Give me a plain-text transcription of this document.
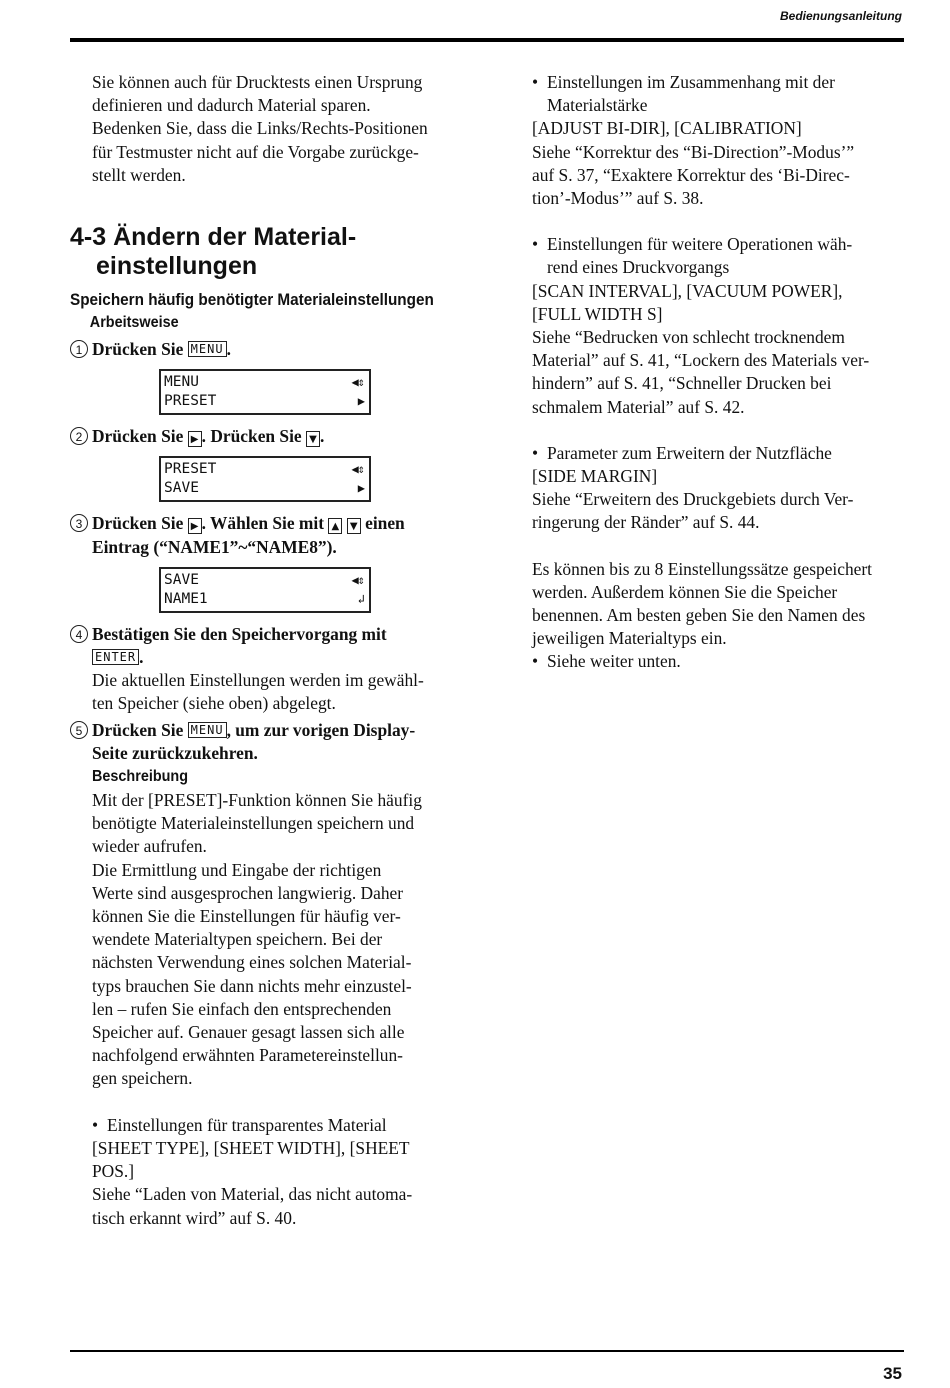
Bedienungsanleitung
Sie können auch für Drucktests einen Ursprung
definieren und dadurch Material sparen.
Bedenken Sie, dass die Links/Rechts-Positionen
für Testmuster nicht auf die Vorgabe zurückge-
stellt werden.
4-3 Ändern der Material-
einstellungen
Speichern häufig benötigter Materialeinstellungen
Arbeitsweise
1 Drücken Sie MENU .
MENU	◀⇕
PRESET	▶
2 Drücken Sie ▶ . Drücken Sie ▼ .
PRESET	◀⇕
SAVE	▶
3 Drücken Sie ▶ . Wählen Sie mit ▲ ▼ einen
Eintrag (“NAME1”~“NAME8”).
SAVE	◀⇕
NAME1	↲
4 Bestätigen Sie den Speichervorgang mit
ENTER .
Die aktuellen Einstellungen werden im gewähl-
ten Speicher (siehe oben) abgelegt.
5 Drücken Sie MENU , um zur vorigen Display-
Seite zurückzukehren.
Beschreibung
Mit der [PRESET]-Funktion können Sie häufig
benötigte Materialeinstellungen speichern und
wieder aufrufen.
Die Ermittlung und Eingabe der richtigen
Werte sind ausgesprochen langwierig. Daher
können Sie die Einstellungen für häufig ver-
wendete Materialtypen speichern. Bei der
nächsten Verwendung eines solchen Material-
typs brauchen Sie dann nichts mehr einzustel-
len – rufen Sie einfach den entsprechenden
Speicher auf. Genauer gesagt lassen sich alle
nachfolgend erwähnten Parametereinstellun-
gen speichern.
• Einstellungen für transparentes Material
[SHEET TYPE], [SHEET WIDTH], [SHEET
POS.]
Siehe “Laden von Material, das nicht automa-
tisch erkannt wird” auf S. 40.
• Einstellungen im Zusammenhang mit der
Materialstärke
[ADJUST BI-DIR], [CALIBRATION]
Siehe “Korrektur des “Bi-Direction”-Modus’”
auf S. 37, “Exaktere Korrektur des ‘Bi-Direc-
tion’-Modus’” auf S. 38.
• Einstellungen für weitere Operationen wäh-
rend eines Druckvorgangs
[SCAN INTERVAL], [VACUUM POWER],
[FULL WIDTH S]
Siehe “Bedrucken von schlecht trocknendem
Material” auf S. 41, “Lockern des Materials ver-
hindern” auf S. 41, “Schneller Drucken bei
schmalem Material” auf S. 42.
• Parameter zum Erweitern der Nutzfläche
[SIDE MARGIN]
Siehe “Erweitern des Druckgebiets durch Ver-
ringerung der Ränder” auf S. 44.
Es können bis zu 8 Einstellungssätze gespeichert
werden. Außerdem können Sie die Speicher
benennen. Am besten geben Sie den Namen des
jeweiligen Materialtyps ein.
• Siehe weiter unten.
35
